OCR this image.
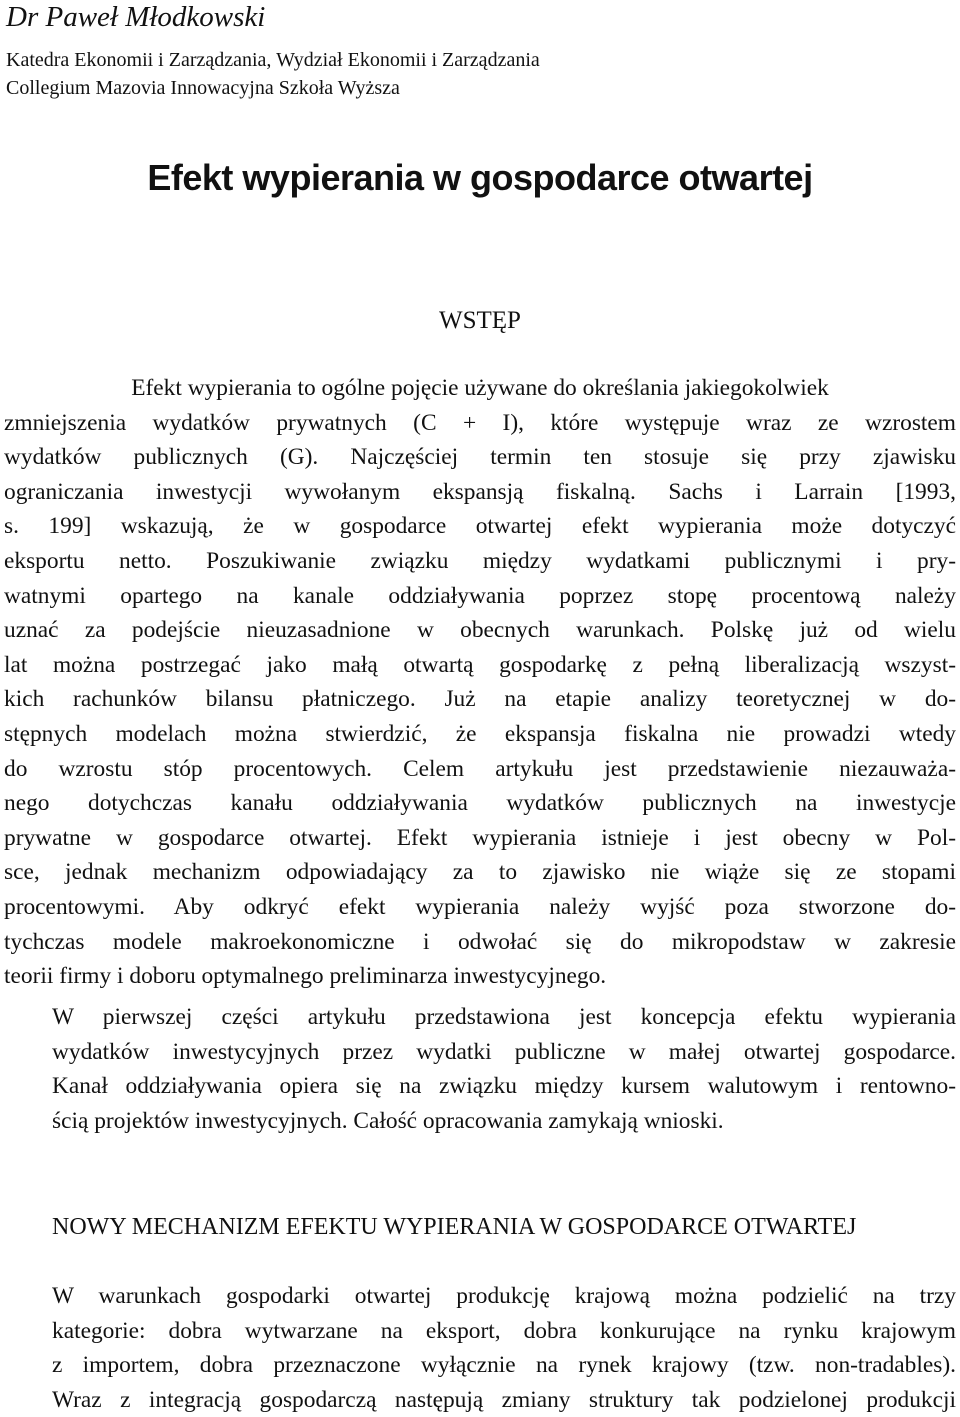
Dr Paweł Młodkowski
Katedra Ekonomii i Zarządzania, Wydział Ekonomii i Zarządzania
Collegium Mazovia Innowacyjna Szkoła Wyższa
Efekt wypierania w gospodarce otwartej
WSTĘP
Efekt wypierania to ogólne pojęcie używane do określania jakiegokolwiek
zmniejszenia wydatków prywatnych (C + I), które występuje wraz ze wzrostem
wydatków publicznych (G). Najczęściej termin ten stosuje się przy zjawisku
ograniczania inwestycji wywołanym ekspansją fiskalną. Sachs i Larrain [1993,
s. 199] wskazują, że w gospodarce otwartej efekt wypierania może dotyczyć
eksportu netto. Poszukiwanie związku między wydatkami publicznymi i pry-
watnymi opartego na kanale oddziaływania poprzez stopę procentową należy
uznać za podejście nieuzasadnione w obecnych warunkach. Polskę już od wielu
lat można postrzegać jako małą otwartą gospodarkę z pełną liberalizacją wszyst-
kich rachunków bilansu płatniczego. Już na etapie analizy teoretycznej w do-
stępnych modelach można stwierdzić, że ekspansja fiskalna nie prowadzi wtedy
do wzrostu stóp procentowych. Celem artykułu jest przedstawienie niezauważa-
nego dotychczas kanału oddziaływania wydatków publicznych na inwestycje
prywatne w gospodarce otwartej. Efekt wypierania istnieje i jest obecny w Pol-
sce, jednak mechanizm odpowiadający za to zjawisko nie wiąże się ze stopami
procentowymi. Aby odkryć efekt wypierania należy wyjść poza stworzone do-
tychczas modele makroekonomiczne i odwołać się do mikropodstaw w zakresie
teorii firmy i doboru optymalnego preliminarza inwestycyjnego.
W pierwszej części artykułu przedstawiona jest koncepcja efektu wypierania
wydatków inwestycyjnych przez wydatki publiczne w małej otwartej gospodarce.
Kanał oddziaływania opiera się na związku między kursem walutowym i rentowno-
ścią projektów inwestycyjnych. Całość opracowania zamykają wnioski.
NOWY MECHANIZM EFEKTU WYPIERANIA W GOSPODARCE OTWARTEJ
W warunkach gospodarki otwartej produkcję krajową można podzielić na trzy
kategorie: dobra wytwarzane na eksport, dobra konkurujące na rynku krajowym
z importem, dobra przeznaczone wyłącznie na rynek krajowy (tzw. non-tradables).
Wraz z integracją gospodarczą następują zmiany struktury tak podzielonej produkcji
